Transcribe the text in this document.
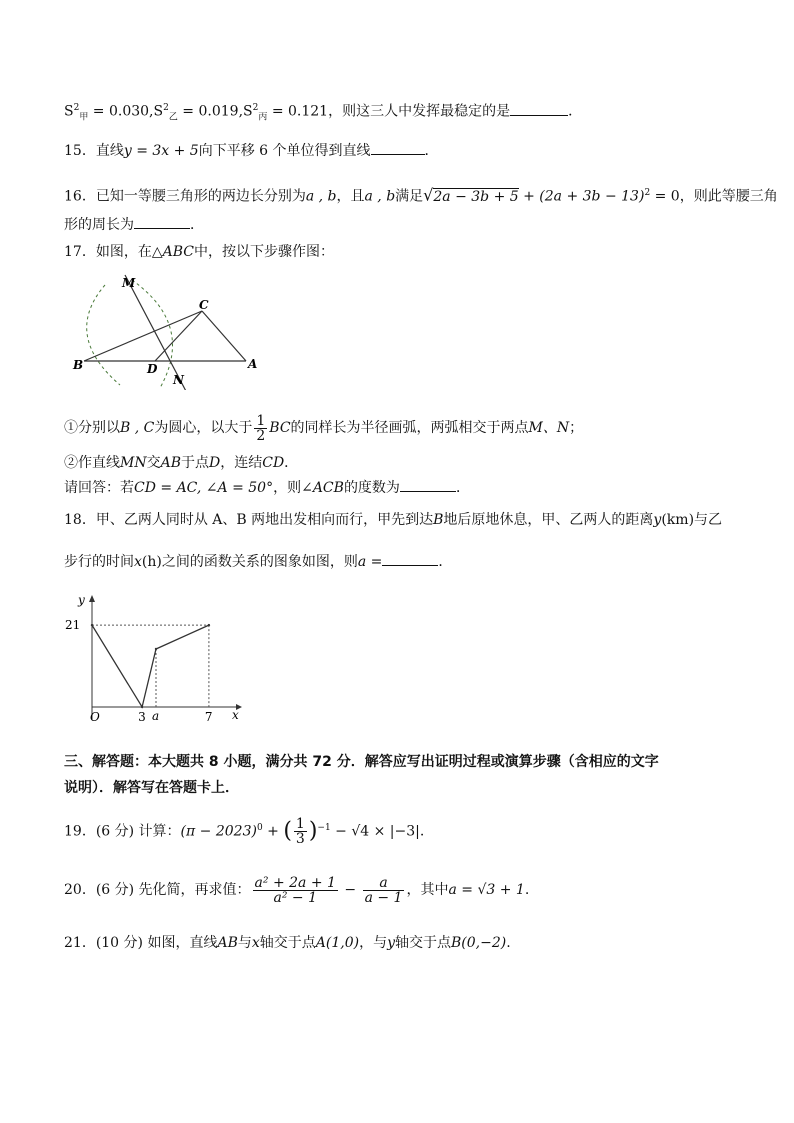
$S^2_甲 = 0.030,S^2_乙 = 0.019,S^2_丙 = 0.121$，则这三人中发挥最稳定的是	．
15．直线y = 3x + 5向下平移 6 个单位得到直线	．
16．已知一等腰三角形的两边长分别为a , b，且a , b满足$√2a - 3b + 5 + (2a + 3b - 13)^2 = 0$，则此等腰三角
形的周长为	．
17．如图，在△ABC中，按以下步骤作图：
M
C
B	D	A
N
①分别以B , C为圆心，以大于 $\frac{1}{2}$ BC的同样长为半径画弧，两弧相交于两点M、N；
②作直线MN交AB于点D，连结CD．
请回答：若CD = AC, ∠A = 50°，则∠ACB的度数为	．
18．甲、乙两人同时从 A、B 两地出发相向而行，甲先到达B地后原地休息，甲、乙两人的距离y(km)与乙
步行的时间x(h)之间的函数关系的图象如图，则a =	．
21
O	3 a	7
y
x
三、解答题：本大题共 8 小题，满分共 72 分．解答应写出证明过程或演算步骤（含相应的文字
说明）．解答写在答题卡上．
19．(6 分) 计算：$(\pi - 2023)^0$ + ( $\frac{1}{3} )^{-1} - √4 \times |-3|$.
20．(6 分) 先化简，再求值： $\frac{\text{a² + 2a + 1}}{\text{a² − 1}} - \frac{a}{a - 1}$ ，其中a = √3 + 1.
21．(10 分) 如图，直线AB与x轴交于点A(1,0)，与y轴交于点B(0,−2).
